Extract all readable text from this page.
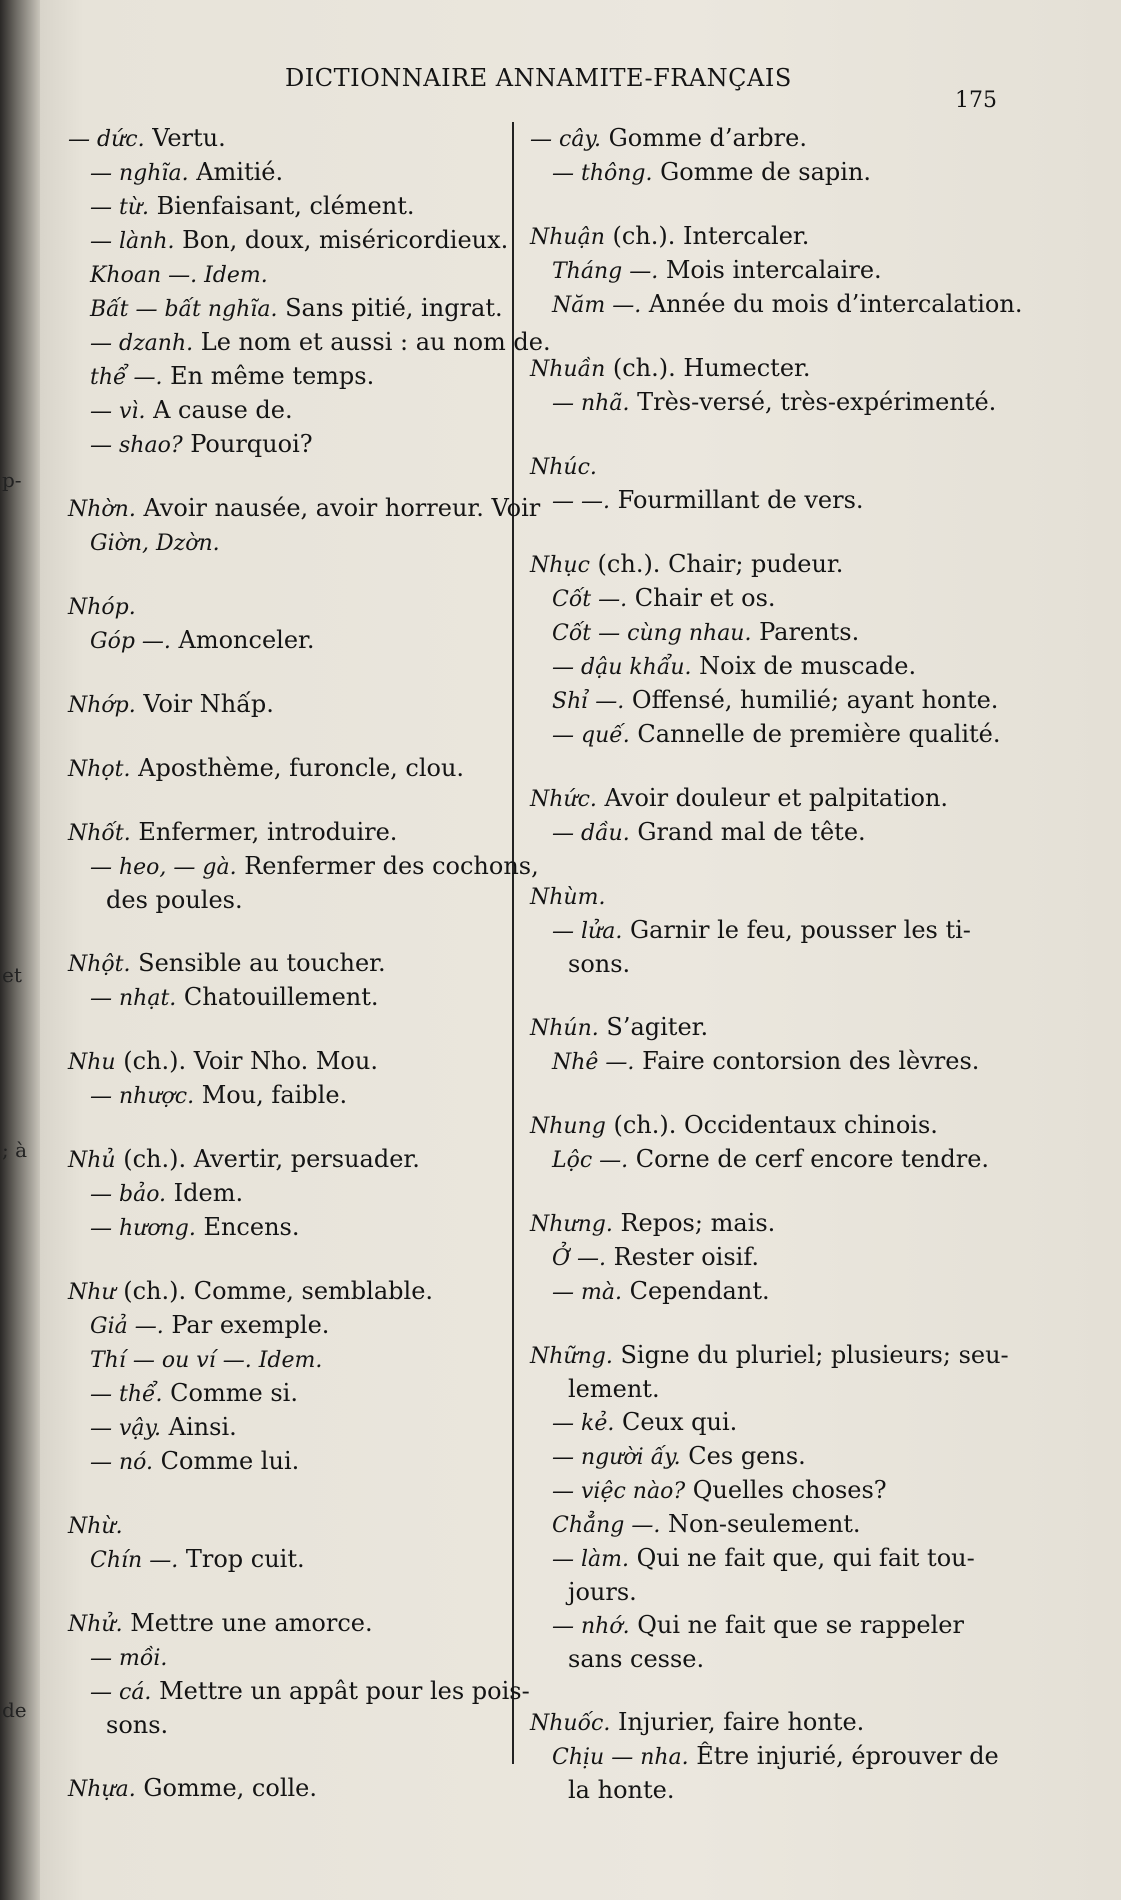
p-
et
; à
de
DICTIONNAIRE ANNAMITE-FRANÇAIS
175
— dức. Vertu.
— nghĩa. Amitié.
— từ. Bienfaisant, clément.
— lành. Bon, doux, miséricordieux.
Khoan —. Idem.
Bất — bất nghĩa. Sans pitié, ingrat.
— dzanh. Le nom et aussi : au nom de.
thể —. En même temps.
— vì. A cause de.
— shao? Pourquoi?
Nhờn. Avoir nausée, avoir horreur. Voir
Giờn, Dzờn.
Nhóp.
Góp —. Amonceler.
Nhớp. Voir Nhấp.
Nhọt. Aposthème, furoncle, clou.
Nhốt. Enfermer, introduire.
— heo, — gà. Renfermer des cochons,
des poules.
Nhột. Sensible au toucher.
— nhạt. Chatouillement.
Nhu (ch.). Voir Nho. Mou.
— nhược. Mou, faible.
Nhủ (ch.). Avertir, persuader.
— bảo. Idem.
— hương. Encens.
Như (ch.). Comme, semblable.
Giả —. Par exemple.
Thí — ou ví —. Idem.
— thể. Comme si.
— vậy. Ainsi.
— nó. Comme lui.
Nhừ.
Chín —. Trop cuit.
Nhử. Mettre une amorce.
— mồi.
— cá. Mettre un appât pour les pois-
sons.
Nhựa. Gomme, colle.
— cây. Gomme d’arbre.
— thông. Gomme de sapin.
Nhuận (ch.). Intercaler.
Tháng —. Mois intercalaire.
Năm —. Année du mois d’intercalation.
Nhuần (ch.). Humecter.
— nhã. Très-versé, très-expérimenté.
Nhúc.
— —. Fourmillant de vers.
Nhục (ch.). Chair; pudeur.
Cốt —. Chair et os.
Cốt — cùng nhau. Parents.
— dậu khẩu. Noix de muscade.
Shỉ —. Offensé, humilié; ayant honte.
— quế. Cannelle de première qualité.
Nhức. Avoir douleur et palpitation.
— dầu. Grand mal de tête.
Nhùm.
— lửa. Garnir le feu, pousser les ti-
sons.
Nhún. S’agiter.
Nhê —. Faire contorsion des lèvres.
Nhung (ch.). Occidentaux chinois.
Lộc —. Corne de cerf encore tendre.
Nhưng. Repos; mais.
Ở —. Rester oisif.
— mà. Cependant.
Những. Signe du pluriel; plusieurs; seu-
lement.
— kẻ. Ceux qui.
— người ấy. Ces gens.
— việc nào? Quelles choses?
Chẳng —. Non-seulement.
— làm. Qui ne fait que, qui fait tou-
jours.
— nhớ. Qui ne fait que se rappeler
sans cesse.
Nhuốc. Injurier, faire honte.
Chịu — nha. Être injurié, éprouver de
la honte.
